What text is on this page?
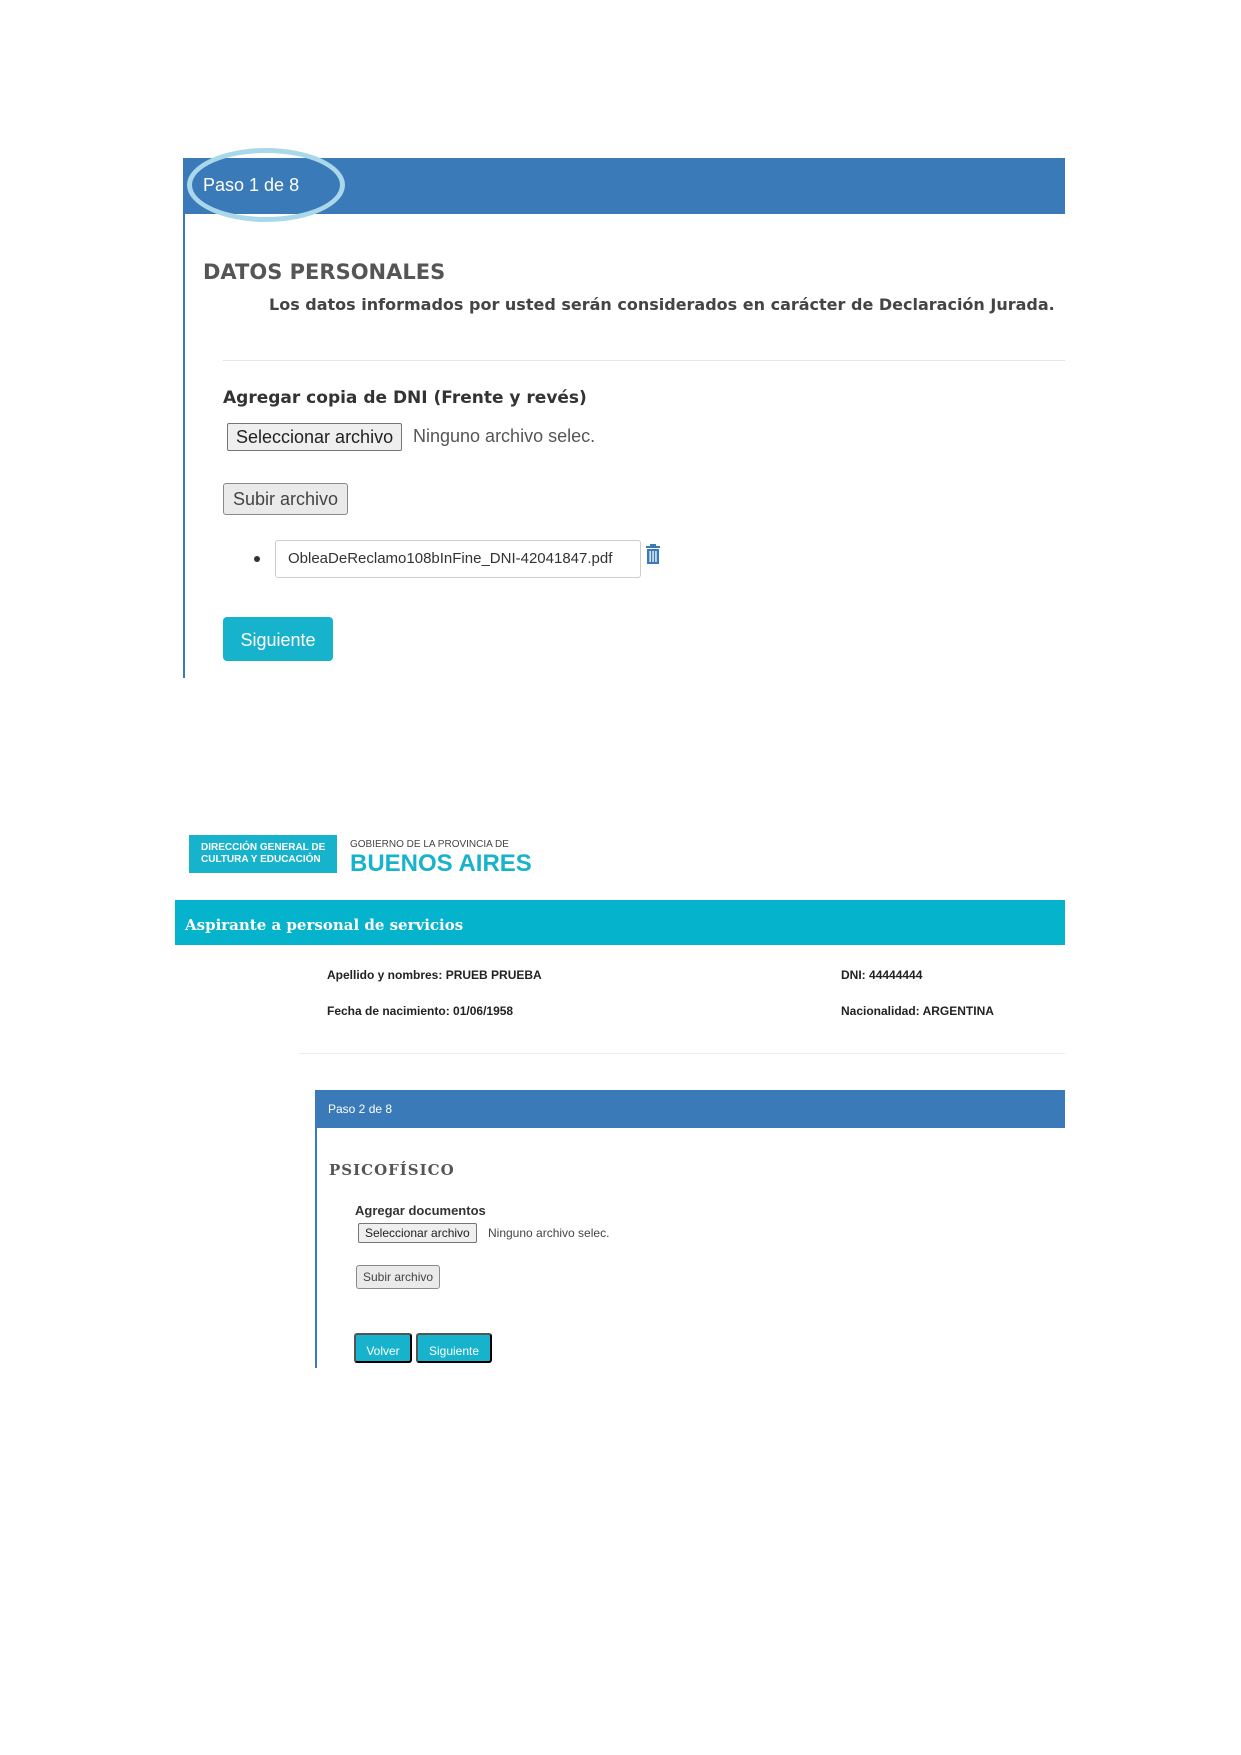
Paso 1 de 8
DATOS PERSONALES
Los datos informados por usted serán considerados en carácter de Declaración Jurada.
Agregar copia de DNI (Frente y revés)
Seleccionar archivo	Ninguno archivo selec.
Subir archivo
ObleaDeReclamo108bInFine_DNI-42041847.pdf
Siguiente
DIRECCIÓN GENERAL DE
CULTURA Y EDUCACIÓN
GOBIERNO DE LA PROVINCIA DE
BUENOS AIRES
Aspirante a personal de servicios
Apellido y nombres: PRUEB PRUEBA	DNI: 44444444
Fecha de nacimiento: 01/06/1958	Nacionalidad: ARGENTINA
Paso 2 de 8
PSICOFÍSICO
Agregar documentos
Seleccionar archivo	Ninguno archivo selec.
Subir archivo
Volver	Siguiente
